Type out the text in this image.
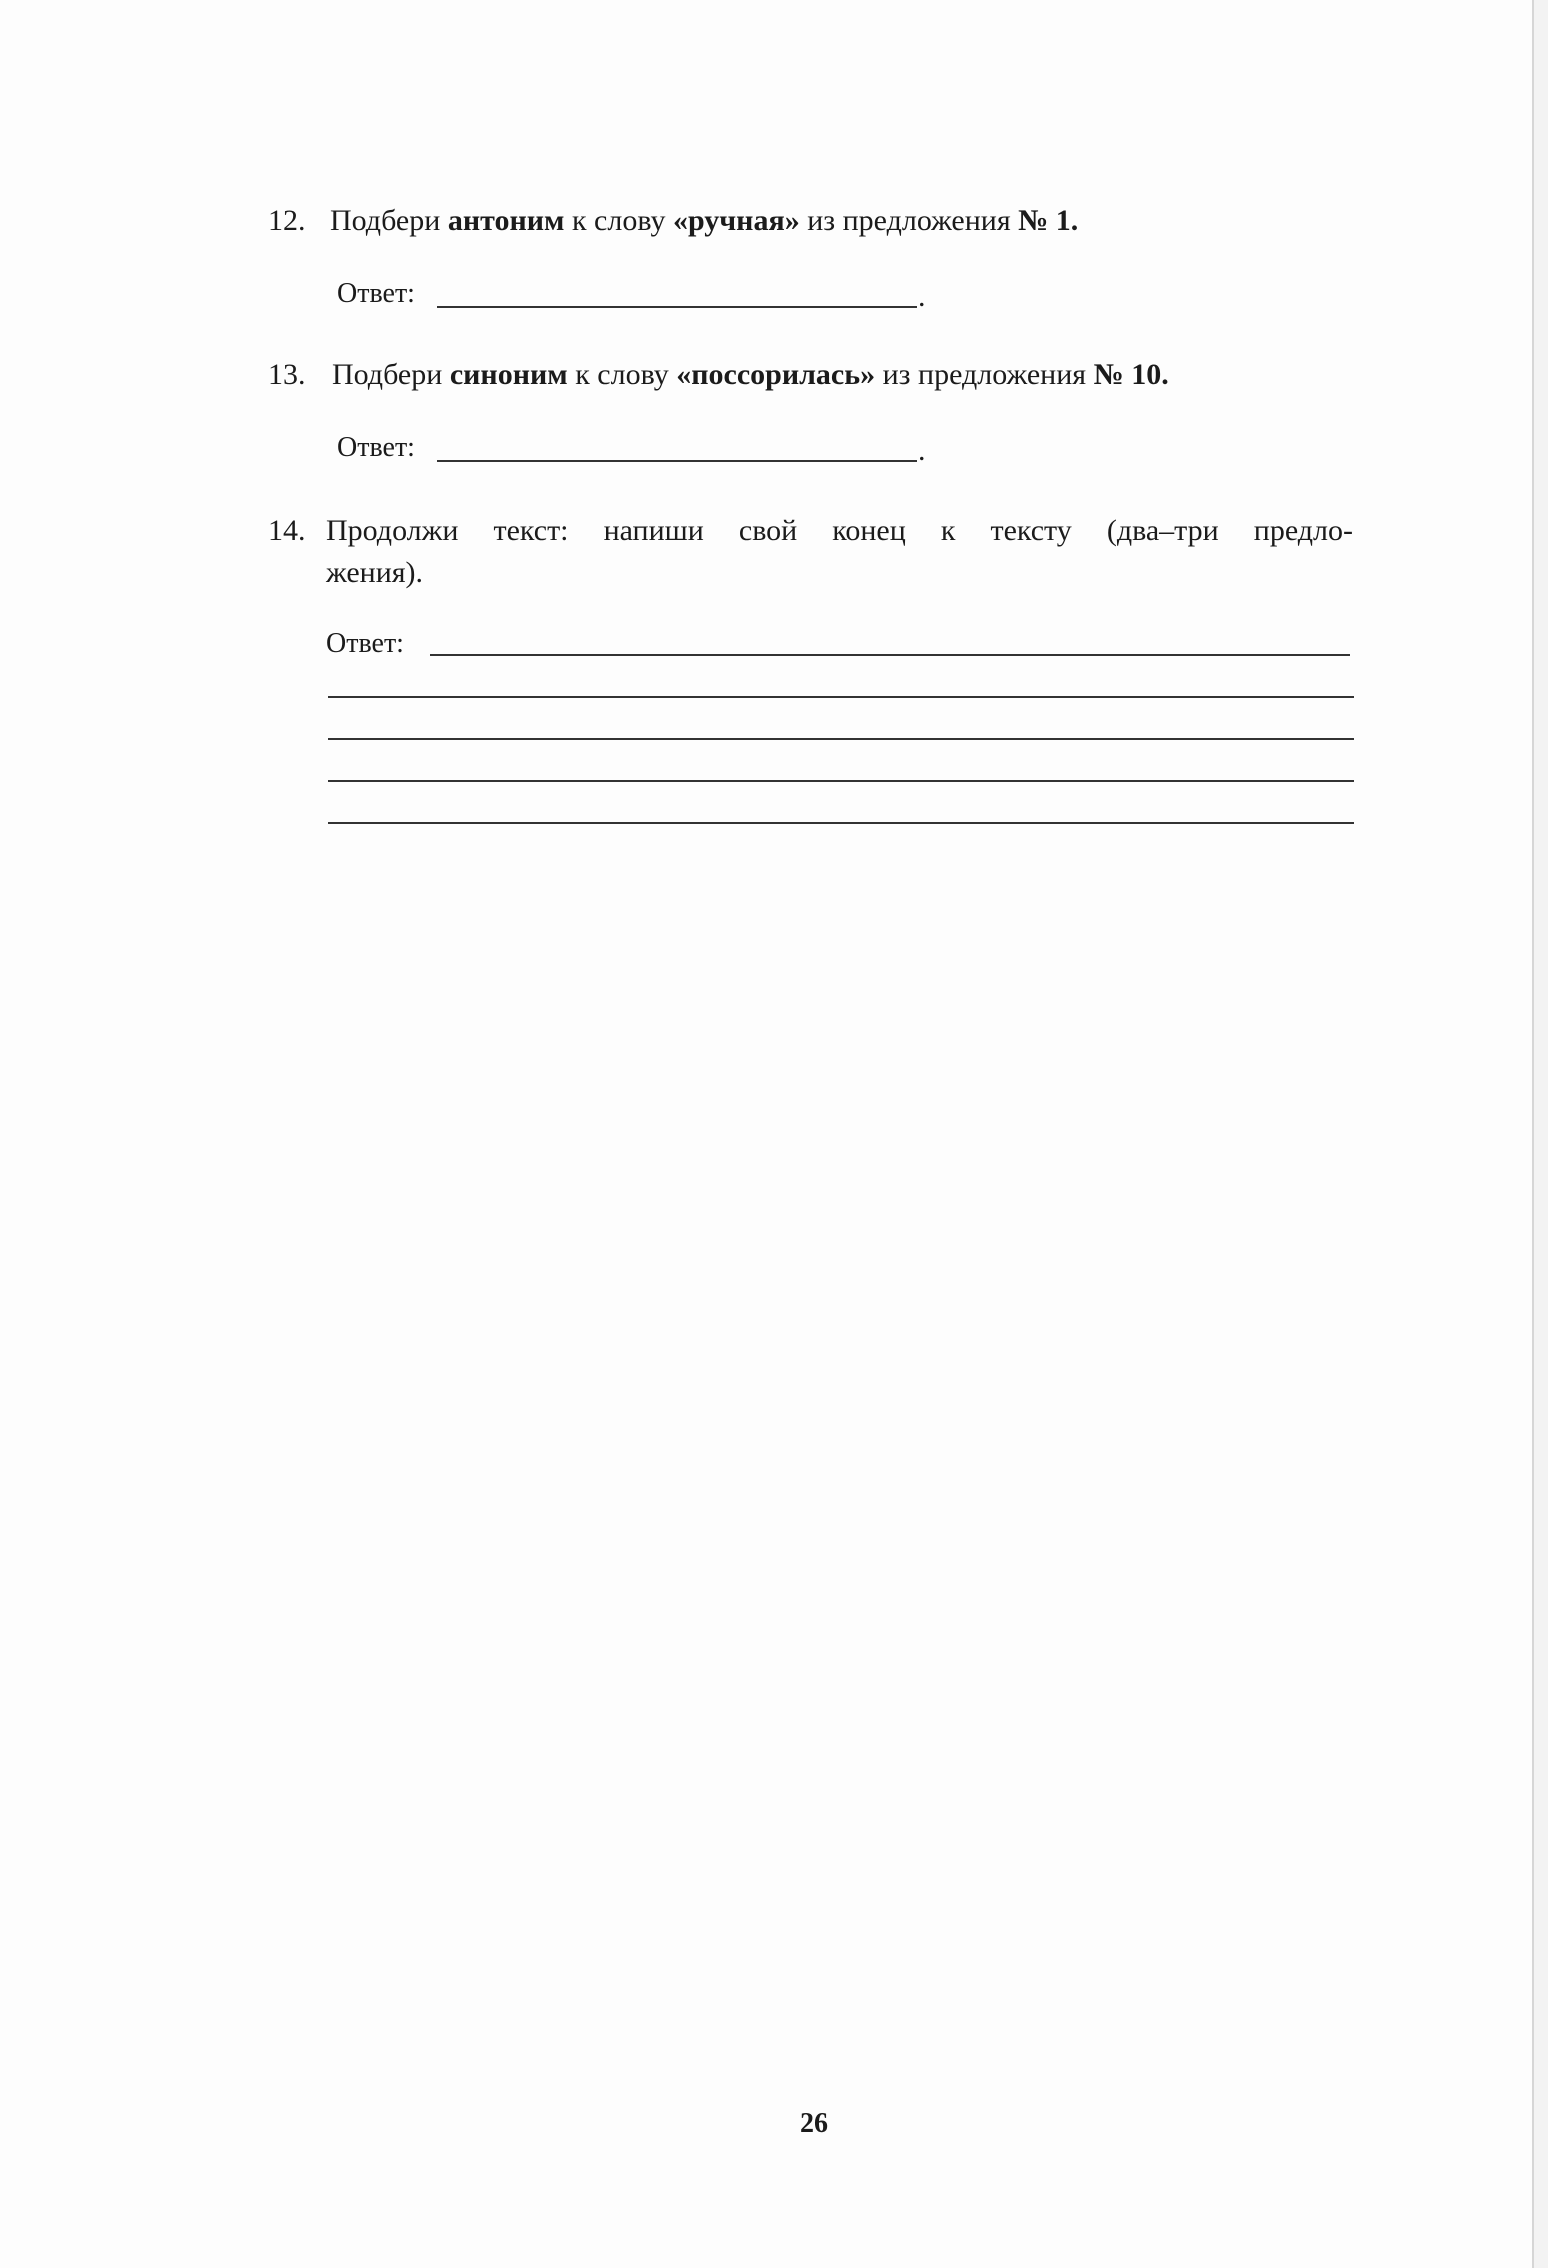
12. Подбери антоним к слову «ручная» из предложения № 1.
Ответ:	.
13. Подбери синоним к слову «поссорилась» из предложения № 10.
Ответ:	.
14. Продолжи текст: напиши свой конец к тексту (два–три предло-
жения).
Ответ:
26
